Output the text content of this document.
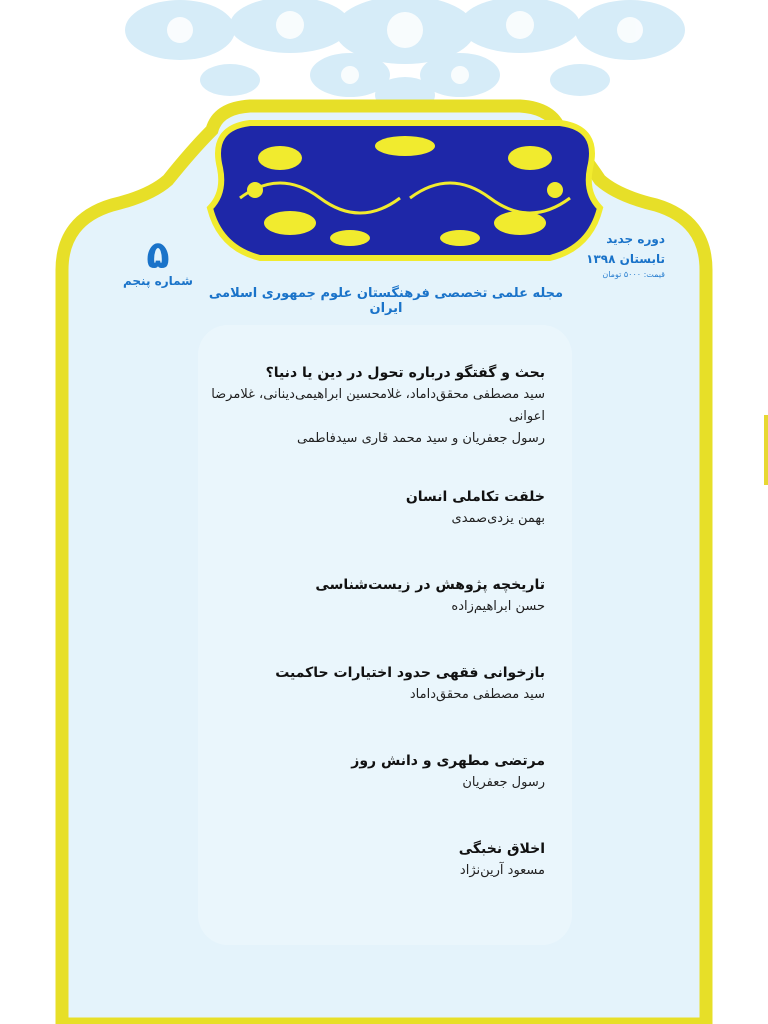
۵
شماره پنجم
دوره جدید
تابستان ۱۳۹۸
قیمت: ۵۰۰۰ تومان
مجله علمی تخصصی فرهنگستان علوم جمهوری اسلامی ایران
بحث و گفتگو درباره تحول در دین یا دنیا؟
سید مصطفی محقق‌داماد، غلامحسین ابراهیمی‌دینانی، غلامرضا اعوانی
رسول جعفریان و سید محمد قاری سیدفاطمی
خلقت تکاملی انسان
بهمن یزدی‌صمدی
تاریخچه پژوهش در زیست‌شناسی
حسن ابراهیم‌زاده
بازخوانی فقهی حدود اختیارات حاکمیت
سید مصطفی محقق‌داماد
مرتضی مطهری و دانش روز
رسول جعفریان
اخلاق نخبگی
مسعود آرین‌نژاد
